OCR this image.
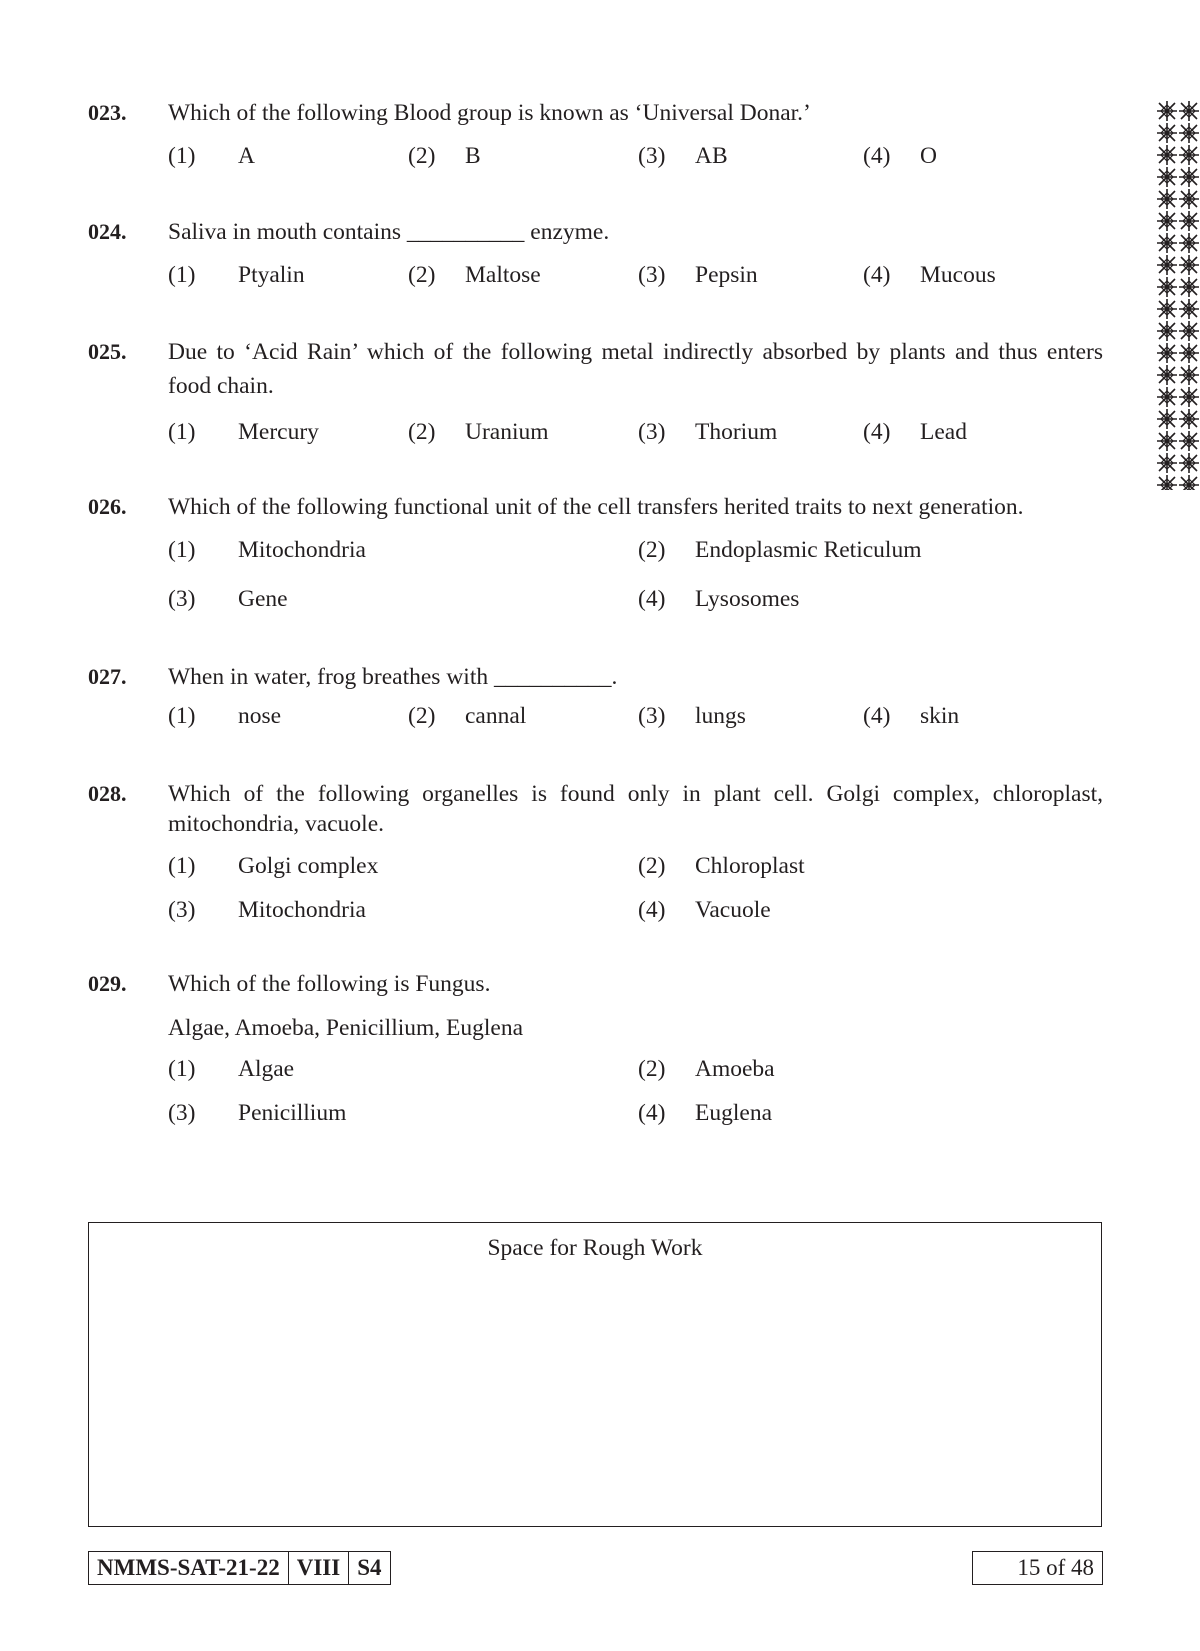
023. Which of the following Blood group is known as ‘Universal Donar.’
(1) A	(2) B	(3) AB	(4) O
024. Saliva in mouth contains __________ enzyme.
(1) Ptyalin	(2) Maltose	(3) Pepsin	(4) Mucous
025. Due to ‘Acid Rain’ which of the following metal indirectly absorbed by plants and thus enters
food chain.
(1) Mercury	(2) Uranium	(3) Thorium	(4) Lead
026. Which of the following functional unit of the cell transfers herited traits to next generation.
(1) Mitochondria	(2) Endoplasmic Reticulum
(3) Gene	(4) Lysosomes
027. When in water, frog breathes with __________.
(1) nose	(2) cannal	(3) lungs	(4) skin
028. Which of the following organelles is found only in plant cell. Golgi complex, chloroplast,
mitochondria, vacuole.
(1) Golgi complex	(2) Chloroplast
(3) Mitochondria	(4) Vacuole
029. Which of the following is Fungus.
Algae, Amoeba, Penicillium, Euglena
(1) Algae	(2) Amoeba
(3) Penicillium	(4) Euglena
Space for Rough Work
NMMS-SAT-21-22 VIII S4	15 of 48
